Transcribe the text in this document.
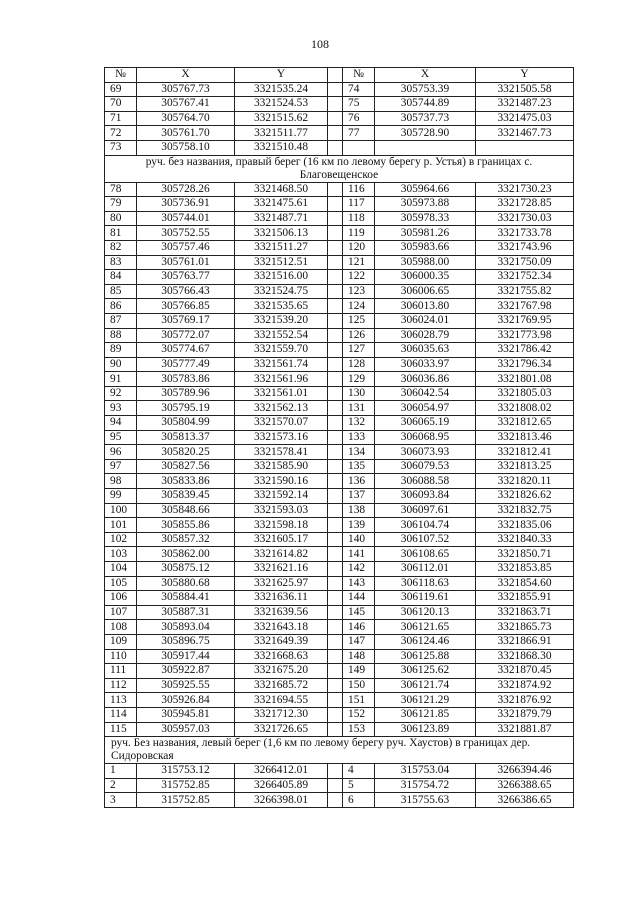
108
№	X	Y		№	X	Y
69	305767.73	3321535.24		74	305753.39	3321505.58
70	305767.41	3321524.53		75	305744.89	3321487.23
71	305764.70	3321515.62		76	305737.73	3321475.03
72	305761.70	3321511.77		77	305728.90	3321467.73
73	305758.10	3321510.48				
руч. без названия, правый берег (16 км по левому берегу р. Устья) в границах с. Благовещенское						
78	305728.26	3321468.50		116	305964.66	3321730.23
79	305736.91	3321475.61		117	305973.88	3321728.85
80	305744.01	3321487.71		118	305978.33	3321730.03
81	305752.55	3321506.13		119	305981.26	3321733.78
82	305757.46	3321511.27		120	305983.66	3321743.96
83	305761.01	3321512.51		121	305988.00	3321750.09
84	305763.77	3321516.00		122	306000.35	3321752.34
85	305766.43	3321524.75		123	306006.65	3321755.82
86	305766.85	3321535.65		124	306013.80	3321767.98
87	305769.17	3321539.20		125	306024.01	3321769.95
88	305772.07	3321552.54		126	306028.79	3321773.98
89	305774.67	3321559.70		127	306035.63	3321786.42
90	305777.49	3321561.74		128	306033.97	3321796.34
91	305783.86	3321561.96		129	306036.86	3321801.08
92	305789.96	3321561.01		130	306042.54	3321805.03
93	305795.19	3321562.13		131	306054.97	3321808.02
94	305804.99	3321570.07		132	306065.19	3321812.65
95	305813.37	3321573.16		133	306068.95	3321813.46
96	305820.25	3321578.41		134	306073.93	3321812.41
97	305827.56	3321585.90		135	306079.53	3321813.25
98	305833.86	3321590.16		136	306088.58	3321820.11
99	305839.45	3321592.14		137	306093.84	3321826.62
100	305848.66	3321593.03		138	306097.61	3321832.75
101	305855.86	3321598.18		139	306104.74	3321835.06
102	305857.32	3321605.17		140	306107.52	3321840.33
103	305862.00	3321614.82		141	306108.65	3321850.71
104	305875.12	3321621.16		142	306112.01	3321853.85
105	305880.68	3321625.97		143	306118.63	3321854.60
106	305884.41	3321636.11		144	306119.61	3321855.91
107	305887.31	3321639.56		145	306120.13	3321863.71
108	305893.04	3321643.18		146	306121.65	3321865.73
109	305896.75	3321649.39		147	306124.46	3321866.91
110	305917.44	3321668.63		148	306125.88	3321868.30
111	305922.87	3321675.20		149	306125.62	3321870.45
112	305925.55	3321685.72		150	306121.74	3321874.92
113	305926.84	3321694.55		151	306121.29	3321876.92
114	305945.81	3321712.30		152	306121.85	3321879.79
115	305957.03	3321726.65		153	306123.89	3321881.87
руч. Без названия, левый берег (1,6 км по левому берегу руч. Хаустов) в границах дер. Сидоровская						
1	315753.12	3266412.01		4	315753.04	3266394.46
2	315752.85	3266405.89		5	315754.72	3266388.65
3	315752.85	3266398.01		6	315755.63	3266386.65
